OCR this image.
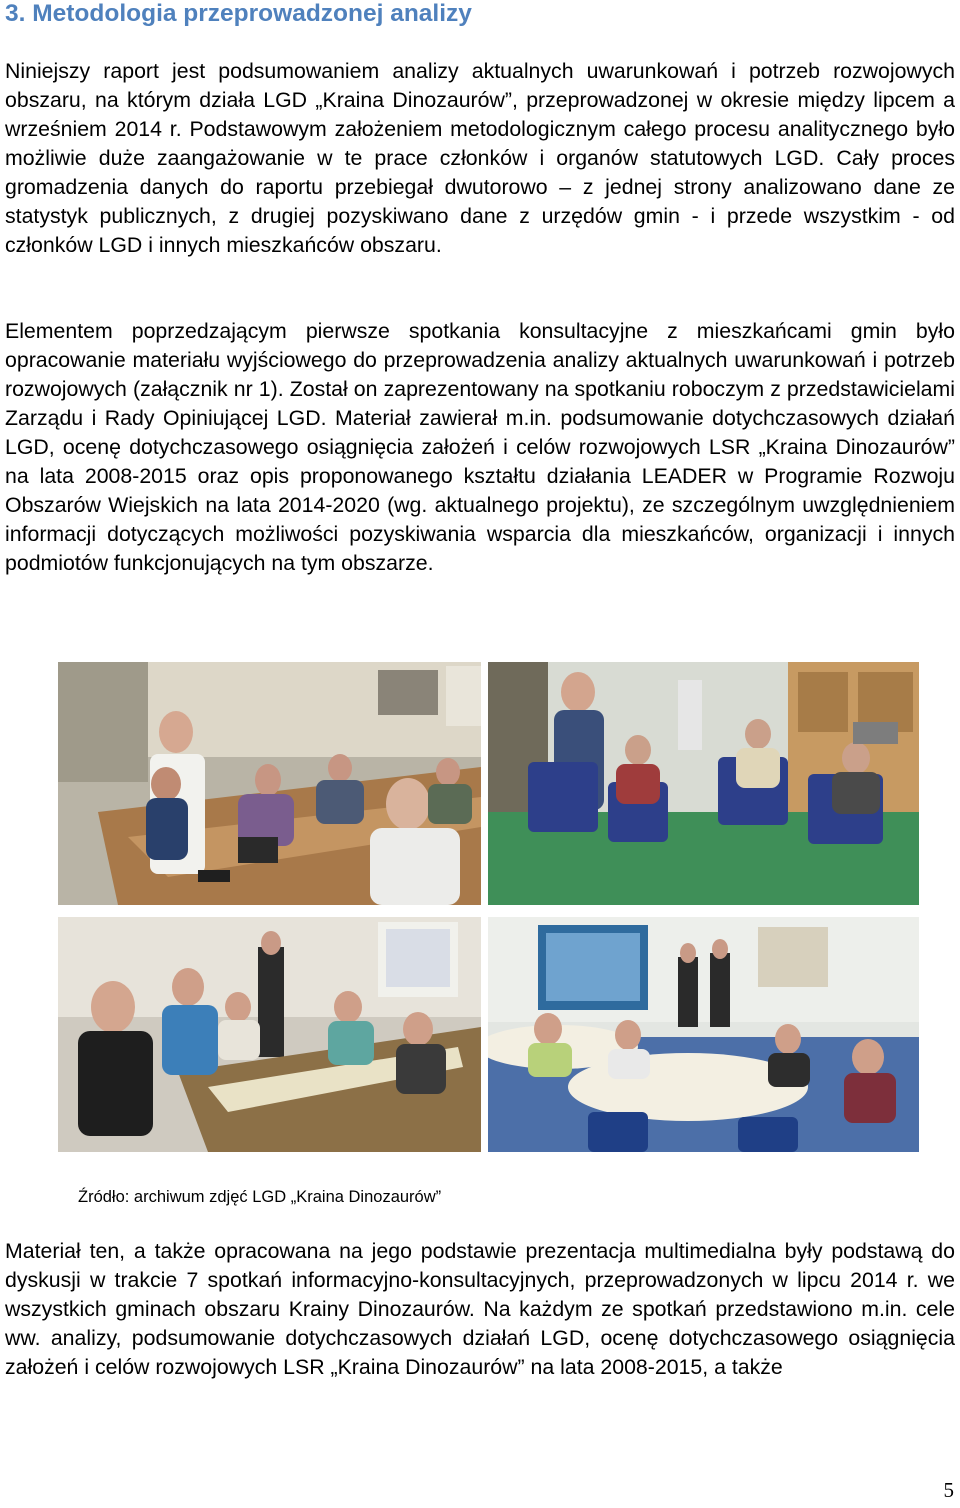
3. Metodologia przeprowadzonej analizy

Niniejszy raport jest podsumowaniem analizy aktualnych uwarunkowań i potrzeb rozwojowych obszaru, na którym działa LGD „Kraina Dinozaurów”, przeprowadzonej w okresie między lipcem a wrześniem 2014 r. Podstawowym założeniem metodologicznym całego procesu analitycznego było możliwie duże zaangażowanie w te prace członków i organów statutowych LGD. Cały proces gromadzenia danych do raportu przebiegał dwutorowo – z jednej strony analizowano dane ze statystyk publicznych, z drugiej pozyskiwano dane z urzędów gmin - i przede wszystkim - od członków LGD i innych mieszkańców obszaru.

Elementem poprzedzającym pierwsze spotkania konsultacyjne z mieszkańcami gmin było opracowanie materiału wyjściowego do przeprowadzenia analizy aktualnych uwarunkowań i potrzeb rozwojowych (załącznik nr 1). Został on zaprezentowany na spotkaniu roboczym z przedstawicielami Zarządu i Rady Opiniującej LGD. Materiał zawierał m.in. podsumowanie dotychczasowych działań LGD, ocenę dotychczasowego osiągnięcia założeń i celów rozwojowych LSR „Kraina Dinozaurów” na lata 2008-2015 oraz opis proponowanego kształtu działania LEADER w Programie Rozwoju Obszarów Wiejskich na lata 2014-2020 (wg. aktualnego projektu), ze szczególnym uwzględnieniem informacji dotyczących możliwości pozyskiwania wsparcia dla mieszkańców, organizacji i innych podmiotów funkcjonujących na tym obszarze.

Źródło: archiwum zdjęć LGD „Kraina Dinozaurów”

Materiał ten, a także opracowana na jego podstawie prezentacja multimedialna były podstawą do dyskusji w trakcie 7 spotkań informacyjno-konsultacyjnych, przeprowadzonych w lipcu 2014 r. we wszystkich gminach obszaru Krainy Dinozaurów. Na każdym ze spotkań przedstawiono m.in. cele ww. analizy, podsumowanie dotychczasowych działań LGD, ocenę dotychczasowego osiągnięcia założeń i celów rozwojowych LSR „Kraina Dinozaurów” na lata 2008-2015, a także

5
